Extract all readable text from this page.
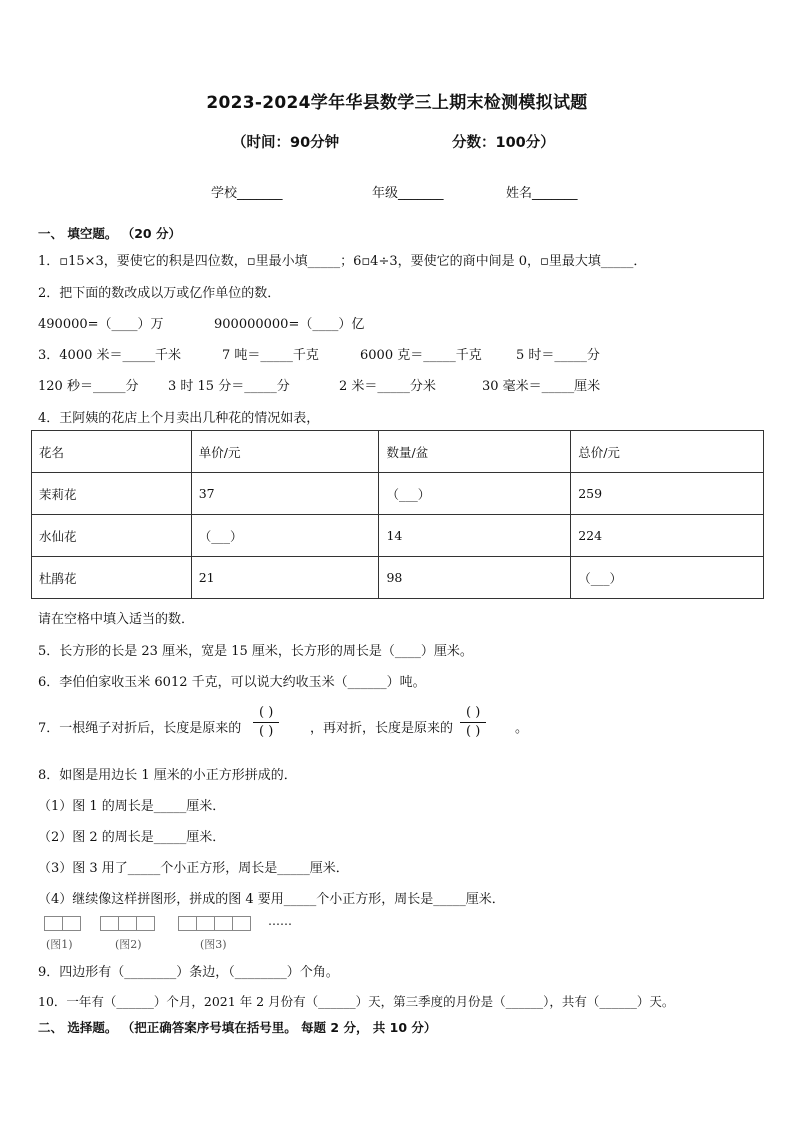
2023-2024学年华县数学三上期末检测模拟试题
（时间：90分钟	分数：100分）
学校_______	年级_______	姓名_______
一、 填空题。 （20 分）
1．▫15×3，要使它的积是四位数，▫里最小填_____；6▫4÷3，要使它的商中间是 0，▫里最大填_____．
2．把下面的数改成以万或亿作单位的数．
490000=（____）万	900000000=（____）亿
3．4000 米＝_____千米	7 吨＝_____千克	6000 克＝_____千克	5 时＝_____分
120 秒＝_____分 3 时 15 分＝_____分	2 米＝_____分米	30 毫米＝_____厘米
4．王阿姨的花店上个月卖出几种花的情况如表，
花名	单价/元	数量/盆	总价/元
茉莉花	37	（___）	259
水仙花	（___）	14	224
杜鹃花	21	98	（___）
请在空格中填入适当的数．
5．长方形的长是 23 厘米，宽是 15 厘米，长方形的周长是（____）厘米。
6．李伯伯家收玉米 6012 千克，可以说大约收玉米（______）吨。
7．一根绳子对折后，长度是原来的
( )
( )	，再对折，长度是原来的
( )
( )	。
8．如图是用边长 1 厘米的小正方形拼成的．
（1）图 1 的周长是_____厘米．
（2）图 2 的周长是_____厘米．
（3）图 3 用了_____个小正方形，周长是_____厘米．
（4）继续像这样拼图形，拼成的图 4 要用_____个小正方形，周长是_____厘米．
……
(图1)	(图2)	(图3)
9．四边形有（________）条边，（________）个角。
10．一年有（______）个月，2021 年 2 月份有（______）天，第三季度的月份是（______），共有（______）天。
二、 选择题。 （把正确答案序号填在括号里。 每题 2 分， 共 10 分）
